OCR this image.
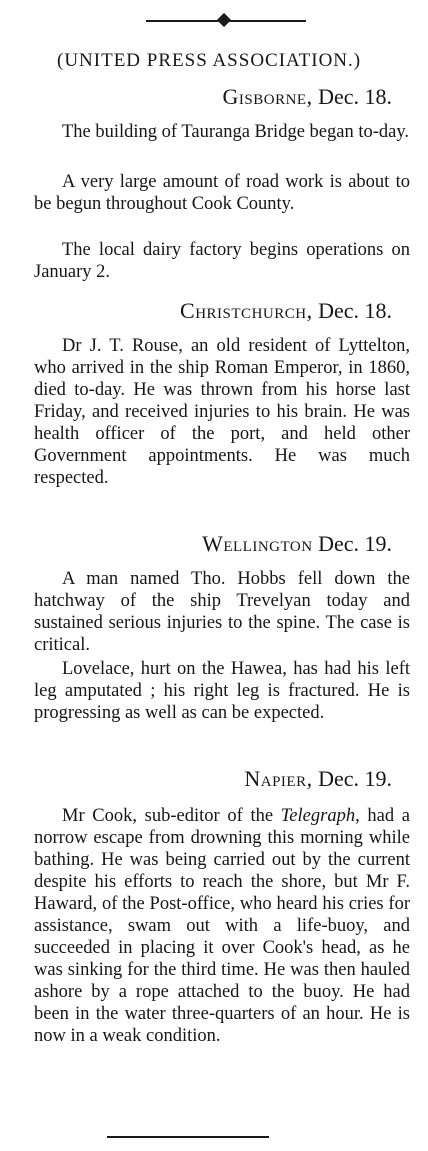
(UNITED PRESS ASSOCIATION.)
Gisborne, Dec. 18.
The building of Tauranga Bridge began to-day.
A very large amount of road work is about to be begun throughout Cook County.
The local dairy factory begins operations on January 2.
Christchurch, Dec. 18.
Dr J. T. Rouse, an old resident of Lyttelton, who arrived in the ship Roman Emperor, in 1860, died to-day. He was thrown from his horse last Friday, and received injuries to his brain. He was health officer of the port, and held other Government appointments. He was much respected.
Wellington Dec. 19.
A man named Tho. Hobbs fell down the hatchway of the ship Trevelyan today and sustained serious injuries to the spine. The case is critical.
Lovelace, hurt on the Hawea, has had his left leg amputated ; his right leg is fractured. He is progressing as well as can be expected.
Napier, Dec. 19.
Mr Cook, sub-editor of the Telegraph, had a norrow escape from drowning this morning while bathing. He was being carried out by the current despite his efforts to reach the shore, but Mr F. Haward, of the Post-office, who heard his cries for assistance, swam out with a life-buoy, and succeeded in placing it over Cook's head, as he was sinking for the third time. He was then hauled ashore by a rope attached to the buoy. He had been in the water three-quarters of an hour. He is now in a weak condition.
